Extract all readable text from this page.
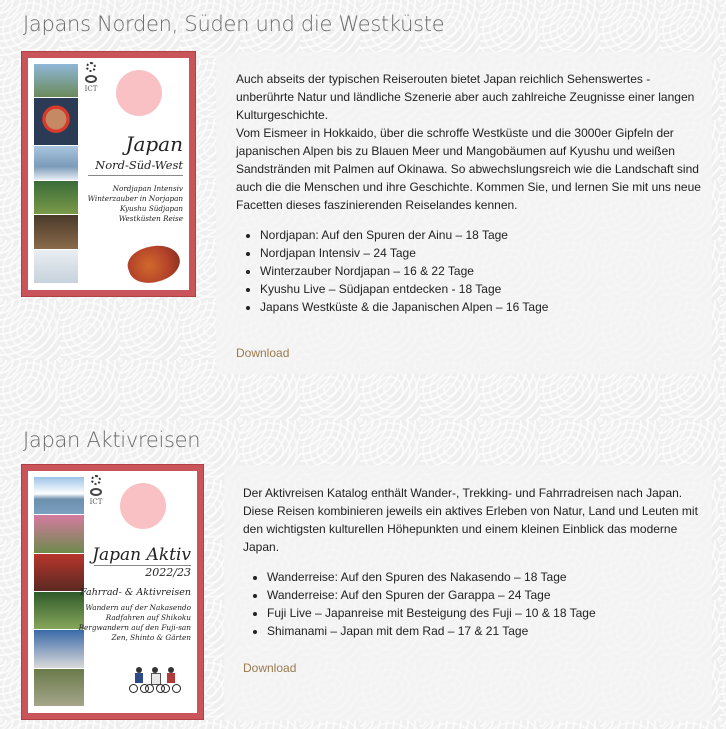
Japans Norden, Süden und die Westküste
ICT
Japan
Nord-Süd-West
Nordjapan Intensiv
Winterzauber in Norjapan
Kyushu Südjapan
Westküsten Reise

Auch abseits der typischen Reiserouten bietet Japan reichlich Sehenswertes - unberührte Natur und ländliche Szenerie aber auch zahlreiche Zeugnisse einer langen Kulturgeschichte.

Vom Eismeer in Hokkaido, über die schroffe Westküste und die 3000er Gipfeln der japanischen Alpen bis zu Blauen Meer und Mangobäumen auf Kyushu und weißen Sandstränden mit Palmen auf Okinawa. So abwechslungsreich wie die Landschaft sind auch die die Menschen und ihre Geschichte. Kommen Sie, und lernen Sie mit uns neue Facetten dieses faszinierenden Reiselandes kennen.

• Nordjapan: Auf den Spuren der Ainu – 18 Tage
• Nordjapan Intensiv – 24 Tage
• Winterzauber Nordjapan – 16 & 22 Tage
• Kyushu Live – Südjapan entdecken - 18 Tage
• Japans Westküste & die Japanischen Alpen – 16 Tage
Download
Japan Aktivreisen
ICT
Japan Aktiv
2022/23
Fahrrad- & Aktivreisen
Wandern auf der Nakasendo
Radfahren auf Shikoku
Bergwandern auf den Fuji-san
Zen, Shinto & Gärten

Der Aktivreisen Katalog enthält Wander-, Trekking- und Fahrradreisen nach Japan. Diese Reisen kombinieren jeweils ein aktives Erleben von Natur, Land und Leuten mit den wichtigsten kulturellen Höhepunkten und einem kleinen Einblick das moderne Japan.

• Wanderreise: Auf den Spuren des Nakasendo – 18 Tage
• Wanderreise: Auf den Spuren der Garappa – 24 Tage
• Fuji Live – Japanreise mit Besteigung des Fuji – 10 & 18 Tage
• Shimanami – Japan mit dem Rad – 17 & 21 Tage
Download
